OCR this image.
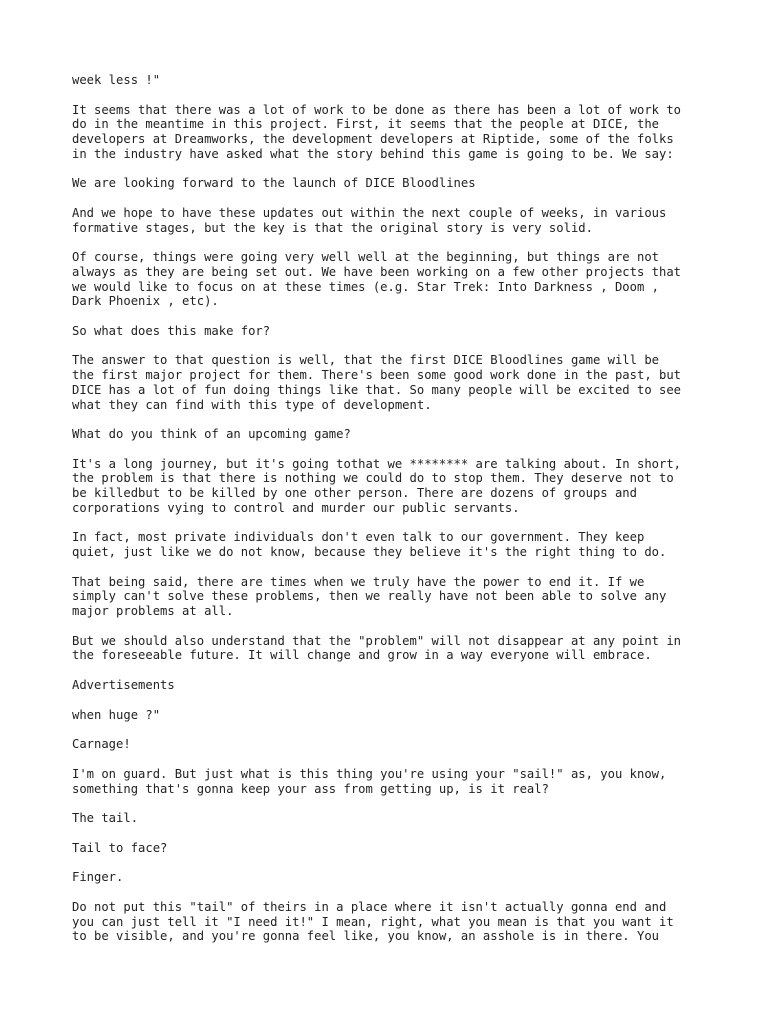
week less !"

It seems that there was a lot of work to be done as there has been a lot of work to
do in the meantime in this project. First, it seems that the people at DICE, the
developers at Dreamworks, the development developers at Riptide, some of the folks
in the industry have asked what the story behind this game is going to be. We say:

We are looking forward to the launch of DICE Bloodlines

And we hope to have these updates out within the next couple of weeks, in various
formative stages, but the key is that the original story is very solid.

Of course, things were going very well well at the beginning, but things are not
always as they are being set out. We have been working on a few other projects that
we would like to focus on at these times (e.g. Star Trek: Into Darkness , Doom ,
Dark Phoenix , etc).

So what does this make for?

The answer to that question is well, that the first DICE Bloodlines game will be
the first major project for them. There's been some good work done in the past, but
DICE has a lot of fun doing things like that. So many people will be excited to see
what they can find with this type of development.

What do you think of an upcoming game?

It's a long journey, but it's going tothat we ******** are talking about. In short,
the problem is that there is nothing we could do to stop them. They deserve not to
be killedbut to be killed by one other person. There are dozens of groups and
corporations vying to control and murder our public servants.

In fact, most private individuals don't even talk to our government. They keep
quiet, just like we do not know, because they believe it's the right thing to do.

That being said, there are times when we truly have the power to end it. If we
simply can't solve these problems, then we really have not been able to solve any
major problems at all.

But we should also understand that the "problem" will not disappear at any point in
the foreseeable future. It will change and grow in a way everyone will embrace.

Advertisements

when huge ?"

Carnage!

I'm on guard. But just what is this thing you're using your "sail!" as, you know,
something that's gonna keep your ass from getting up, is it real?

The tail.

Tail to face?

Finger.

Do not put this "tail" of theirs in a place where it isn't actually gonna end and
you can just tell it "I need it!" I mean, right, what you mean is that you want it
to be visible, and you're gonna feel like, you know, an asshole is in there. You
